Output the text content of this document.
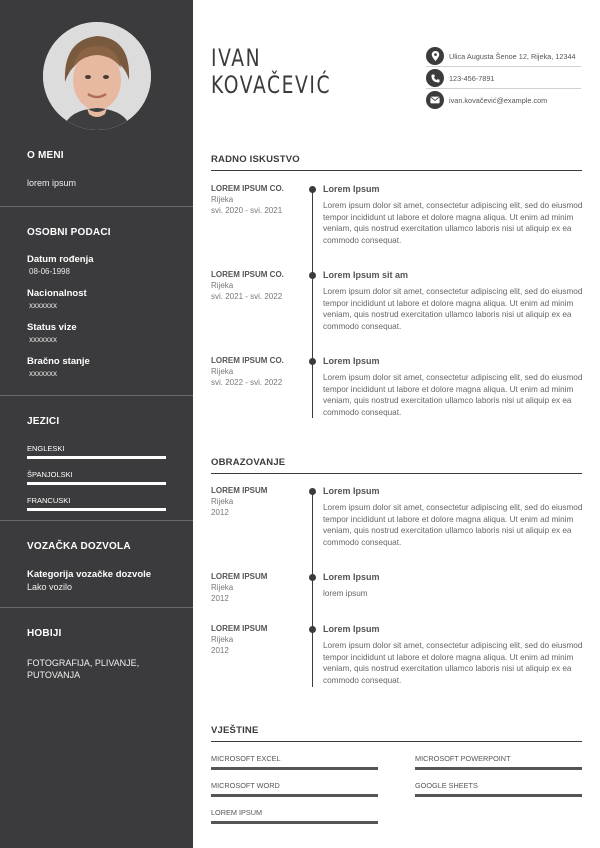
O MENI
lorem ipsum
OSOBNI PODACI
Datum rođenja
08-06-1998
Nacionalnost
xxxxxxx
Status vize
xxxxxxx
Bračno stanje
xxxxxxx
JEZICI
ENGLESKI
ŠPANJOLSKI
FRANCUSKI
VOZAČKA DOZVOLA
Kategorija vozačke dozvole
Lako vozilo
HOBIJI
FOTOGRAFIJA, PLIVANJE,
PUTOVANJA
IVAN
KOVAČEVIĆ
Ulica Augusta Šenoe 12, Rijeka, 12344
123-456-7891
ivan.kovačević@example.com
RADNO ISKUSTVO
LOREM IPSUM CO.
Rijeka
svi. 2020 - svi. 2021
Lorem Ipsum
Lorem ipsum dolor sit amet, consectetur adipiscing elit, sed do eiusmod tempor incididunt ut labore et dolore magna aliqua. Ut enim ad minim veniam, quis nostrud exercitation ullamco laboris nisi ut aliquip ex ea commodo consequat.
LOREM IPSUM CO.
Rijeka
svi. 2021 - svi. 2022
Lorem Ipsum sit am
Lorem ipsum dolor sit amet, consectetur adipiscing elit, sed do eiusmod tempor incididunt ut labore et dolore magna aliqua. Ut enim ad minim veniam, quis nostrud exercitation ullamco laboris nisi ut aliquip ex ea commodo consequat.
LOREM IPSUM CO.
Rijeka
svi. 2022 - svi. 2022
Lorem Ipsum
Lorem ipsum dolor sit amet, consectetur adipiscing elit, sed do eiusmod tempor incididunt ut labore et dolore magna aliqua. Ut enim ad minim veniam, quis nostrud exercitation ullamco laboris nisi ut aliquip ex ea commodo consequat.
OBRAZOVANJE
LOREM IPSUM
Rijeka
2012
Lorem Ipsum
Lorem ipsum dolor sit amet, consectetur adipiscing elit, sed do eiusmod tempor incididunt ut labore et dolore magna aliqua. Ut enim ad minim veniam, quis nostrud exercitation ullamco laboris nisi ut aliquip ex ea commodo consequat.
LOREM IPSUM
Rijeka
2012
Lorem Ipsum
lorem ipsum
LOREM IPSUM
Rijeka
2012
Lorem Ipsum
Lorem ipsum dolor sit amet, consectetur adipiscing elit, sed do eiusmod tempor incididunt ut labore et dolore magna aliqua. Ut enim ad minim veniam, quis nostrud exercitation ullamco laboris nisi ut aliquip ex ea commodo consequat.
VJEŠTINE
MICROSOFT EXCEL	MICROSOFT POWERPOINT
MICROSOFT WORD	GOOGLE SHEETS
LOREM IPSUM
